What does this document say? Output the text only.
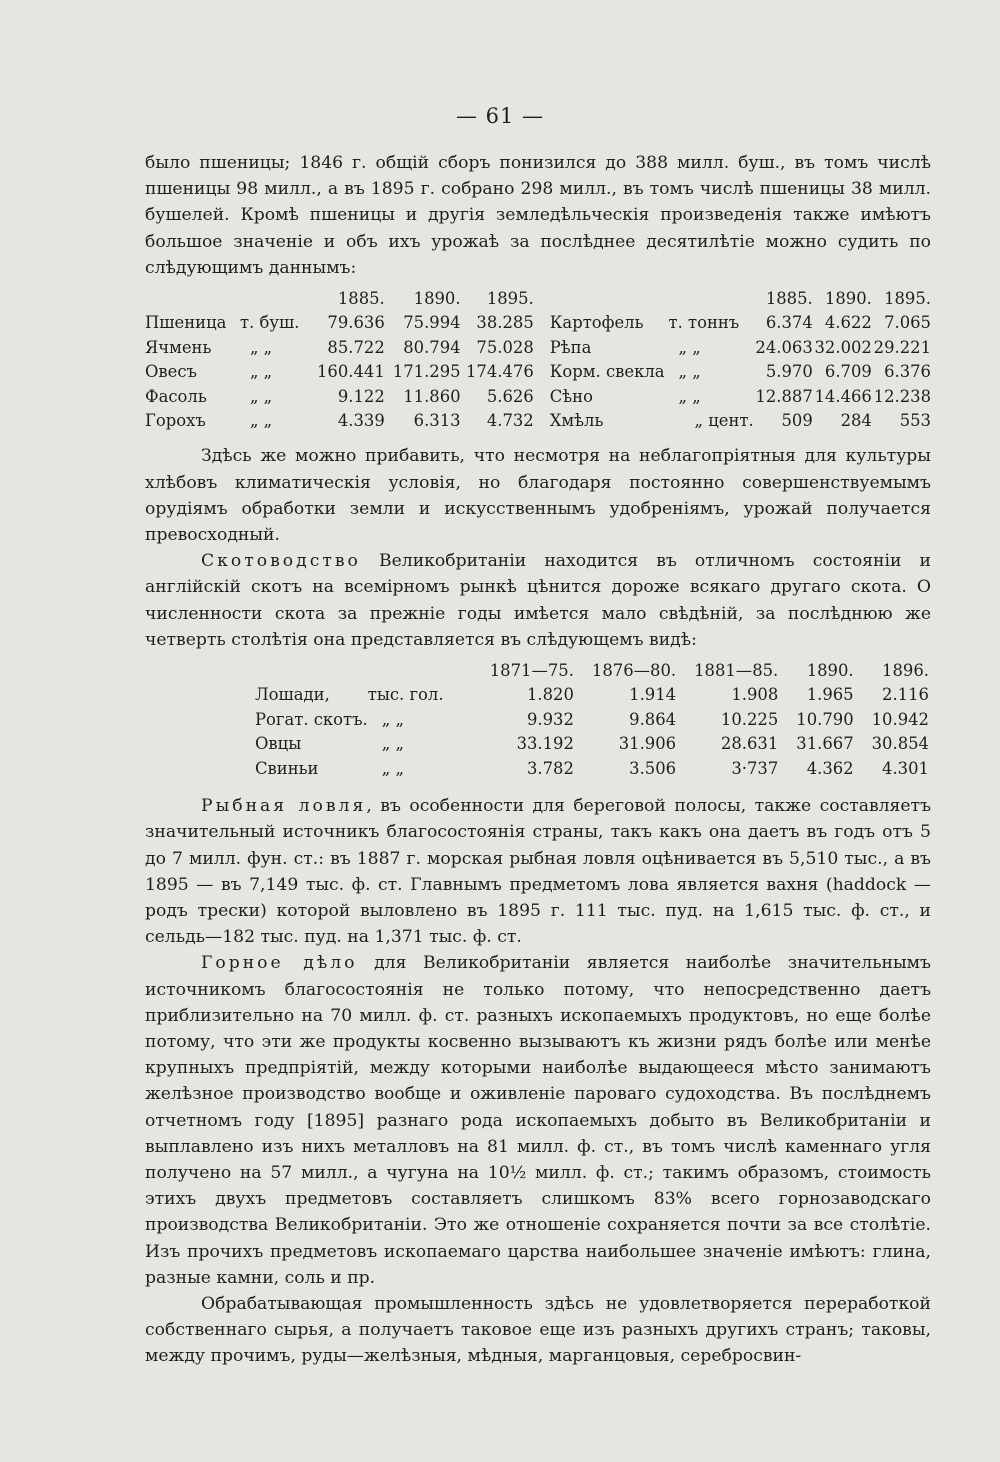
— 61 —

было пшеницы; 1846 г. общій сборъ понизился до 388 милл. буш., въ томъ числѣ пшеницы 98 милл., а въ 1895 г. собрано 298 милл., въ томъ числѣ пшеницы 38 милл. бушелей. Кромѣ пшеницы и другія земледѣльческія произведенія также имѣютъ большое значеніе и объ ихъ урожаѣ за послѣднее десятилѣтіе можно судить по слѣдующимъ даннымъ:

		1885.	1890.	1895.			1885.	1890.	1895.
Пшеница	т. буш.	79.636	75.994	38.285	Картофель	т. тоннъ	6.374	4.622	7.065
Ячмень	„ „	85.722	80.794	75.028	Рѣпа	„ „	24.063	32.002	29.221
Овесъ	„ „	160.441	171.295	174.476	Корм. свекла	„ „	5.970	6.709	6.376
Фасоль	„ „	9.122	11.860	5.626	Сѣно	„ „	12.887	14.466	12.238
Горохъ	„ „	4.339	6.313	4.732	Хмѣль	„ цент.	509	284	553

Здѣсь же можно прибавить, что несмотря на неблагопріятныя для культуры хлѣбовъ климатическія условія, но благодаря постоянно совершенствуемымъ орудіямъ обработки земли и искусственнымъ удобреніямъ, урожай получается превосходный.

Скотоводство Великобританіи находится въ отличномъ состояніи и англійскій скотъ на всемірномъ рынкѣ цѣнится дороже всякаго другаго скота. О численности скота за прежніе годы имѣется мало свѣдѣній, за послѣднюю же четверть столѣтія она представляется въ слѣдующемъ видѣ:

		1871—75.	1876—80.	1881—85.	1890.	1896.
Лошади,	тыс. гол.	1.820	1.914	1.908	1.965	2.116
Рогат. скотъ.	„ „	9.932	9.864	10.225	10.790	10.942
Овцы	„ „	33.192	31.906	28.631	31.667	30.854
Свиньи	„ „	3.782	3.506	3·737	4.362	4.301

Рыбная ловля, въ особенности для береговой полосы, также составляетъ значительный источникъ благосостоянія страны, такъ какъ она даетъ въ годъ отъ 5 до 7 милл. фун. ст.: въ 1887 г. морская рыбная ловля оцѣнивается въ 5,510 тыс., а въ 1895 — въ 7,149 тыс. ф. ст. Главнымъ предметомъ лова является вахня (haddock — родъ трески) которой выловлено въ 1895 г. 111 тыс. пуд. на 1,615 тыс. ф. ст., и сельдь—182 тыс. пуд. на 1,371 тыс. ф. ст.

Горное дѣло для Великобританіи является наиболѣе значительнымъ источникомъ благосостоянія не только потому, что непосредственно даетъ приблизительно на 70 милл. ф. ст. разныхъ ископаемыхъ продуктовъ, но еще болѣе потому, что эти же продукты косвенно вызываютъ къ жизни рядъ болѣе или менѣе крупныхъ предпріятій, между которыми наиболѣе выдающееся мѣсто занимаютъ желѣзное производство вообще и оживленіе пароваго судоходства. Въ послѣднемъ отчетномъ году [1895] разнаго рода ископаемыхъ добыто въ Великобританіи и выплавлено изъ нихъ металловъ на 81 милл. ф. ст., въ томъ числѣ каменнаго угля получено на 57 милл., а чугуна на 10½ милл. ф. ст.; такимъ образомъ, стоимость этихъ двухъ предметовъ составляетъ слишкомъ 83% всего горнозаводскаго производства Великобританіи. Это же отношеніе сохраняется почти за все столѣтіе. Изъ прочихъ предметовъ ископаемаго царства наибольшее значеніе имѣютъ: глина, разные камни, соль и пр.

Обрабатывающая промышленность здѣсь не удовлетворяется переработкой собственнаго сырья, а получаетъ таковое еще изъ разныхъ другихъ странъ; таковы, между прочимъ, руды—желѣзныя, мѣдныя, марганцовыя, серебросвин-
